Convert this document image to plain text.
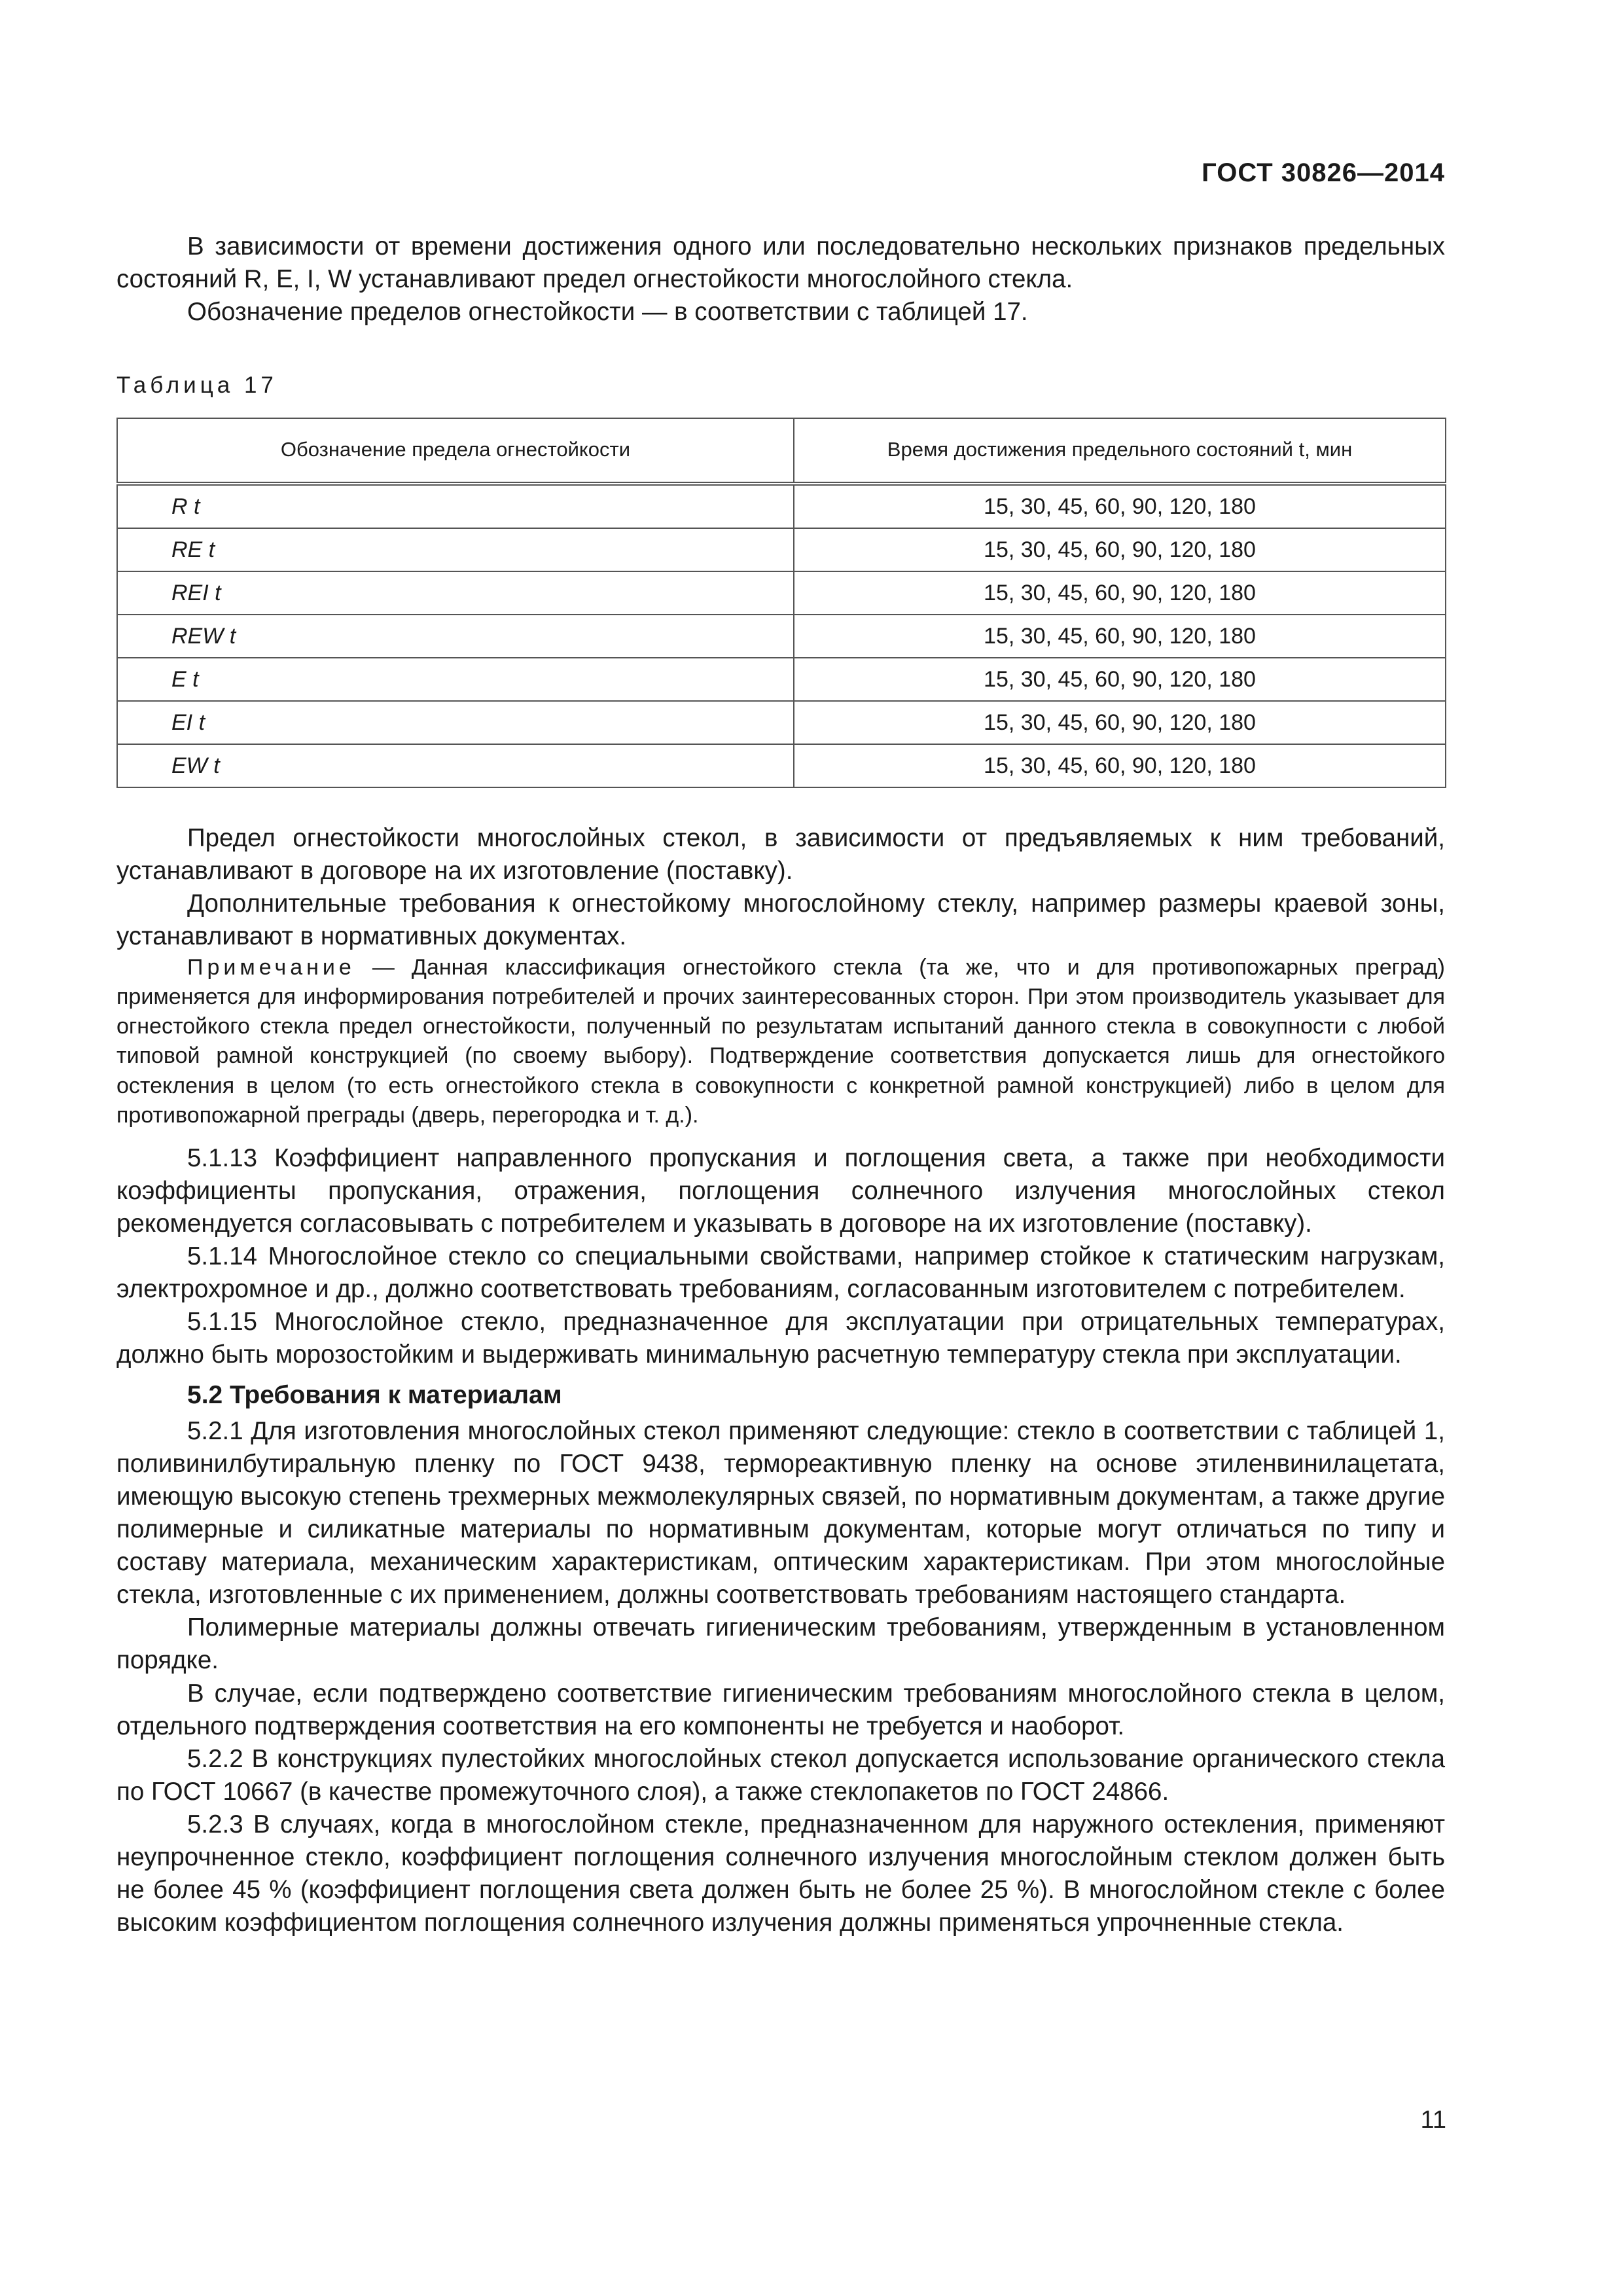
ГОСТ 30826—2014

В зависимости от времени достижения одного или последовательно нескольких признаков предельных состояний R, E, I, W устанавливают предел огнестойкости многослойного стекла.

Обозначение пределов огнестойкости — в соответствии с таблицей 17.

Таблица 17
Обозначение предела огнестойкости	Время достижения предельного состояний t, мин
R t	15, 30, 45, 60, 90, 120, 180
RE t	15, 30, 45, 60, 90, 120, 180
REI t	15, 30, 45, 60, 90, 120, 180
REW t	15, 30, 45, 60, 90, 120, 180
E t	15, 30, 45, 60, 90, 120, 180
EI t	15, 30, 45, 60, 90, 120, 180
EW t	15, 30, 45, 60, 90, 120, 180

Предел огнестойкости многослойных стекол, в зависимости от предъявляемых к ним требований, устанавливают в договоре на их изготовление (поставку).

Дополнительные требования к огнестойкому многослойному стеклу, например размеры краевой зоны, устанавливают в нормативных документах.

Примечание — Данная классификация огнестойкого стекла (та же, что и для противопожарных преград) применяется для информирования потребителей и прочих заинтересованных сторон. При этом производитель указывает для огнестойкого стекла предел огнестойкости, полученный по результатам испытаний данного стекла в совокупности с любой типовой рамной конструкцией (по своему выбору). Подтверждение соответствия допускается лишь для огнестойкого остекления в целом (то есть огнестойкого стекла в совокупности с конкретной рамной конструкцией) либо в целом для противопожарной преграды (дверь, перегородка и т. д.).

5.1.13 Коэффициент направленного пропускания и поглощения света, а также при необходимости коэффициенты пропускания, отражения, поглощения солнечного излучения многослойных стекол рекомендуется согласовывать с потребителем и указывать в договоре на их изготовление (поставку).

5.1.14 Многослойное стекло со специальными свойствами, например стойкое к статическим нагрузкам, электрохромное и др., должно соответствовать требованиям, согласованным изготовителем с потребителем.

5.1.15 Многослойное стекло, предназначенное для эксплуатации при отрицательных температурах, должно быть морозостойким и выдерживать минимальную расчетную температуру стекла при эксплуатации.

5.2 Требования к материалам

5.2.1 Для изготовления многослойных стекол применяют следующие: стекло в соответствии с таблицей 1, поливинилбутиральную пленку по ГОСТ 9438, термореактивную пленку на основе этиленвинилацетата, имеющую высокую степень трехмерных межмолекулярных связей, по нормативным документам, а также другие полимерные и силикатные материалы по нормативным документам, которые могут отличаться по типу и составу материала, механическим характеристикам, оптическим характеристикам. При этом многослойные стекла, изготовленные с их применением, должны соответствовать требованиям настоящего стандарта.

Полимерные материалы должны отвечать гигиеническим требованиям, утвержденным в установленном порядке.

В случае, если подтверждено соответствие гигиеническим требованиям многослойного стекла в целом, отдельного подтверждения соответствия на его компоненты не требуется и наоборот.

5.2.2 В конструкциях пулестойких многослойных стекол допускается использование органического стекла по ГОСТ 10667 (в качестве промежуточного слоя), а также стеклопакетов по ГОСТ 24866.

5.2.3 В случаях, когда в многослойном стекле, предназначенном для наружного остекления, применяют неупрочненное стекло, коэффициент поглощения солнечного излучения многослойным стеклом должен быть не более 45 % (коэффициент поглощения света должен быть не более 25 %). В многослойном стекле с более высоким коэффициентом поглощения солнечного излучения должны применяться упрочненные стекла.

11
